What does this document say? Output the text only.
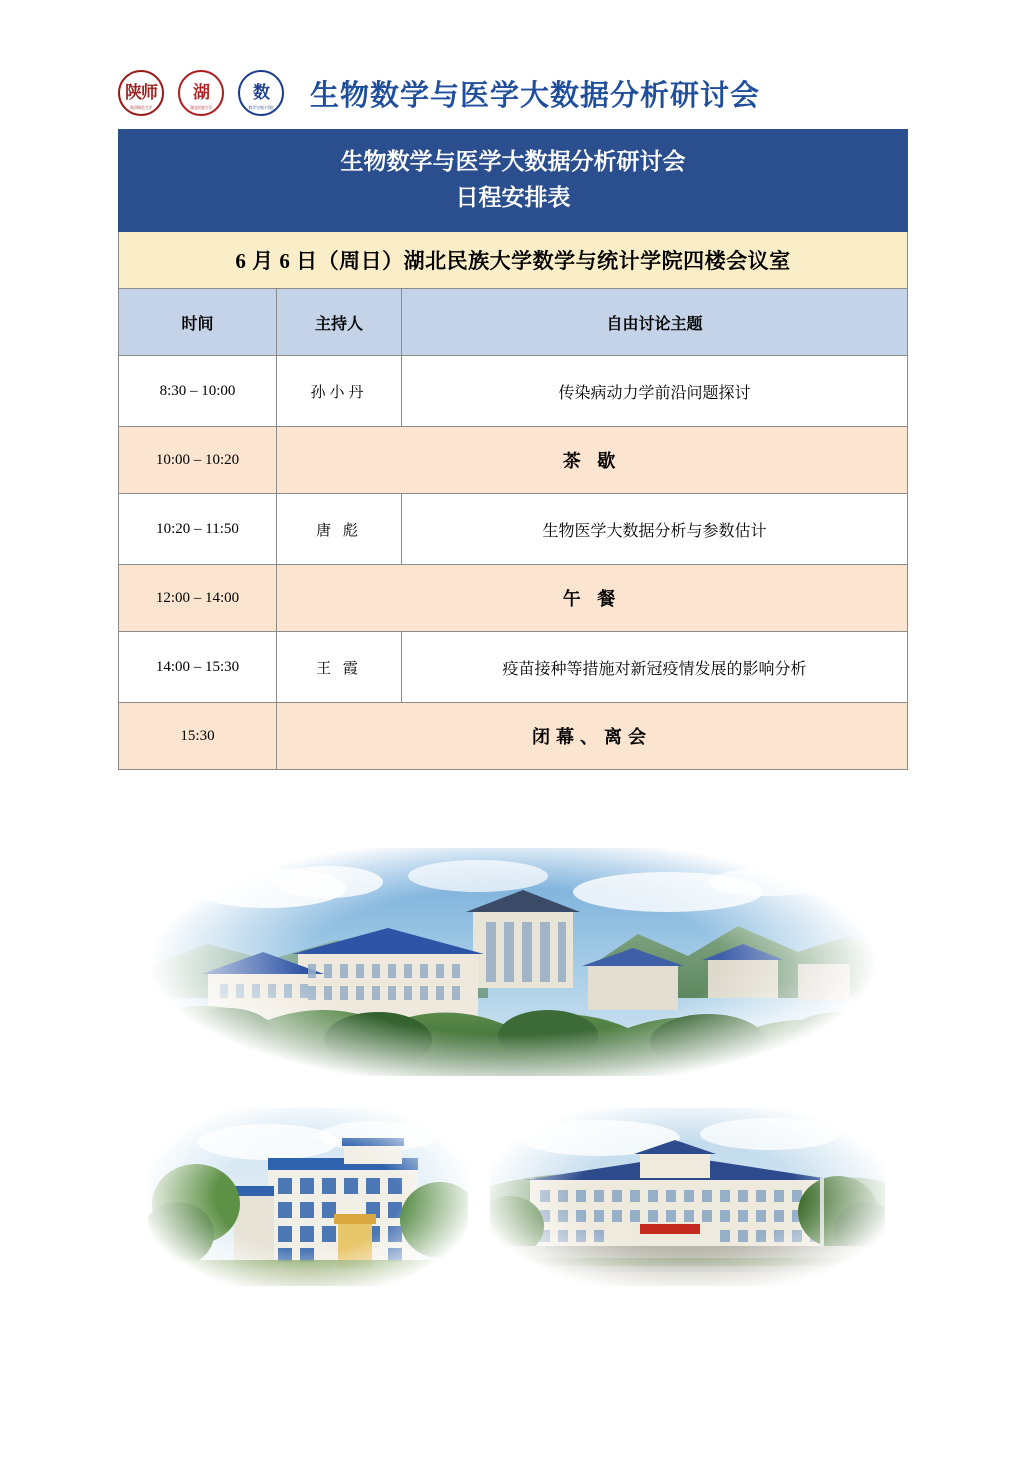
陕师
陕西师范大学
湖
湖北民族大学
数
数学与统计学院 生物数学与医学大数据分析研讨会
生物数学与医学大数据分析研讨会
日程安排表		

6 月 6 日（周日）湖北民族大学数学与统计学院四楼会议室		
时间	主持人	自由讨论主题
8:30 – 10:00	孙小丹	传染病动力学前沿问题探讨
10:00 – 10:20	茶 歇	
10:20 – 11:50	唐 彪	生物医学大数据分析与参数估计
12:00 – 14:00	午 餐	
14:00 – 15:30	王 霞	疫苗接种等措施对新冠疫情发展的影响分析
15:30	闭幕、离会	
